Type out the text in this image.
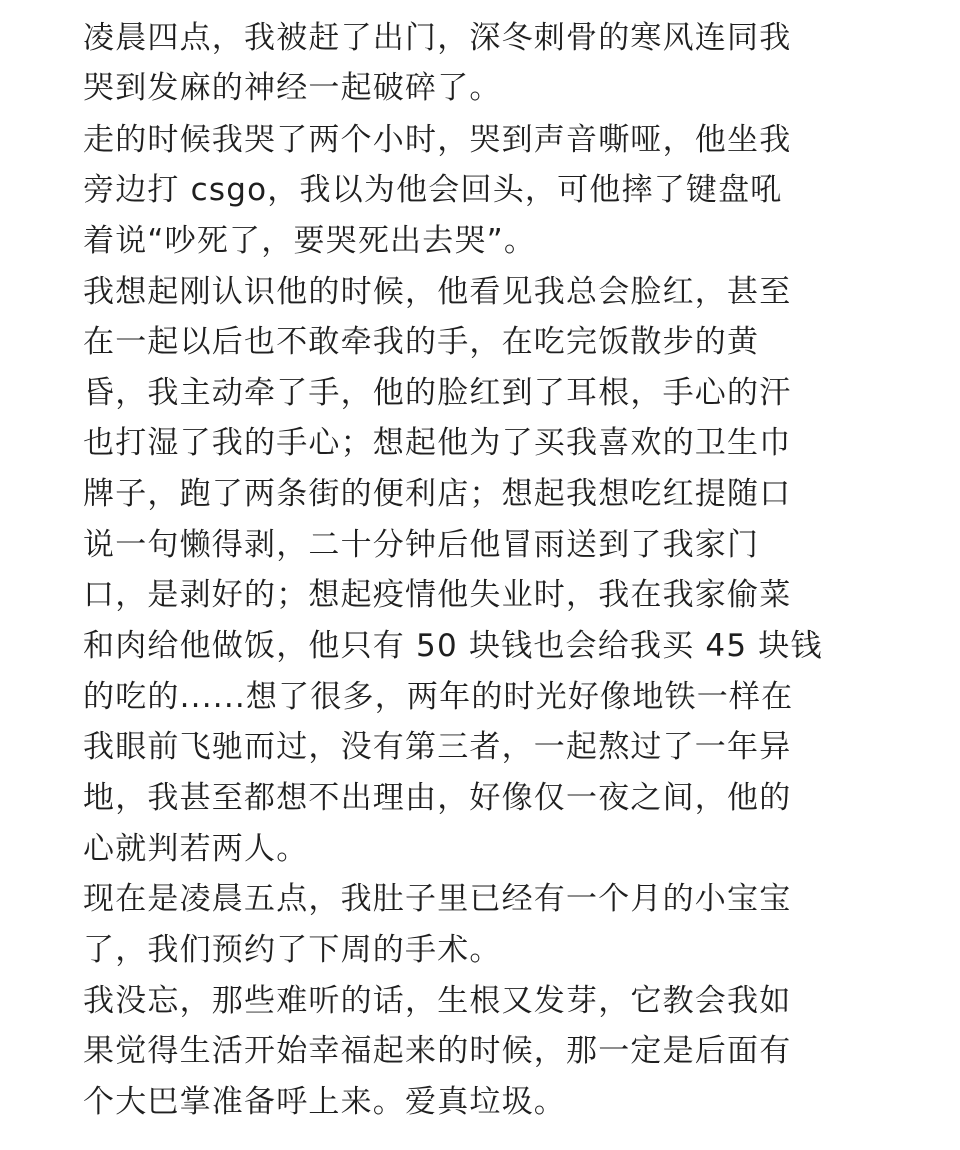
凌晨四点，我被赶了出门，深冬刺骨的寒风连同我
哭到发麻的神经一起破碎了。
走的时候我哭了两个小时，哭到声音嘶哑，他坐我
旁边打 csgo，我以为他会回头，可他摔了键盘吼
着说“吵死了，要哭死出去哭”。
我想起刚认识他的时候，他看见我总会脸红，甚至
在一起以后也不敢牵我的手，在吃完饭散步的黄
昏，我主动牵了手，他的脸红到了耳根，手心的汗
也打湿了我的手心；想起他为了买我喜欢的卫生巾
牌子，跑了两条街的便利店；想起我想吃红提随口
说一句懒得剥，二十分钟后他冒雨送到了我家门
口，是剥好的；想起疫情他失业时，我在我家偷菜
和肉给他做饭，他只有 50 块钱也会给我买 45 块钱
的吃的......想了很多，两年的时光好像地铁一样在
我眼前飞驰而过，没有第三者，一起熬过了一年异
地，我甚至都想不出理由，好像仅一夜之间，他的
心就判若两人。
现在是凌晨五点，我肚子里已经有一个月的小宝宝
了，我们预约了下周的手术。
我没忘，那些难听的话，生根又发芽，它教会我如
果觉得生活开始幸福起来的时候，那一定是后面有
个大巴掌准备呼上来。爱真垃圾。
